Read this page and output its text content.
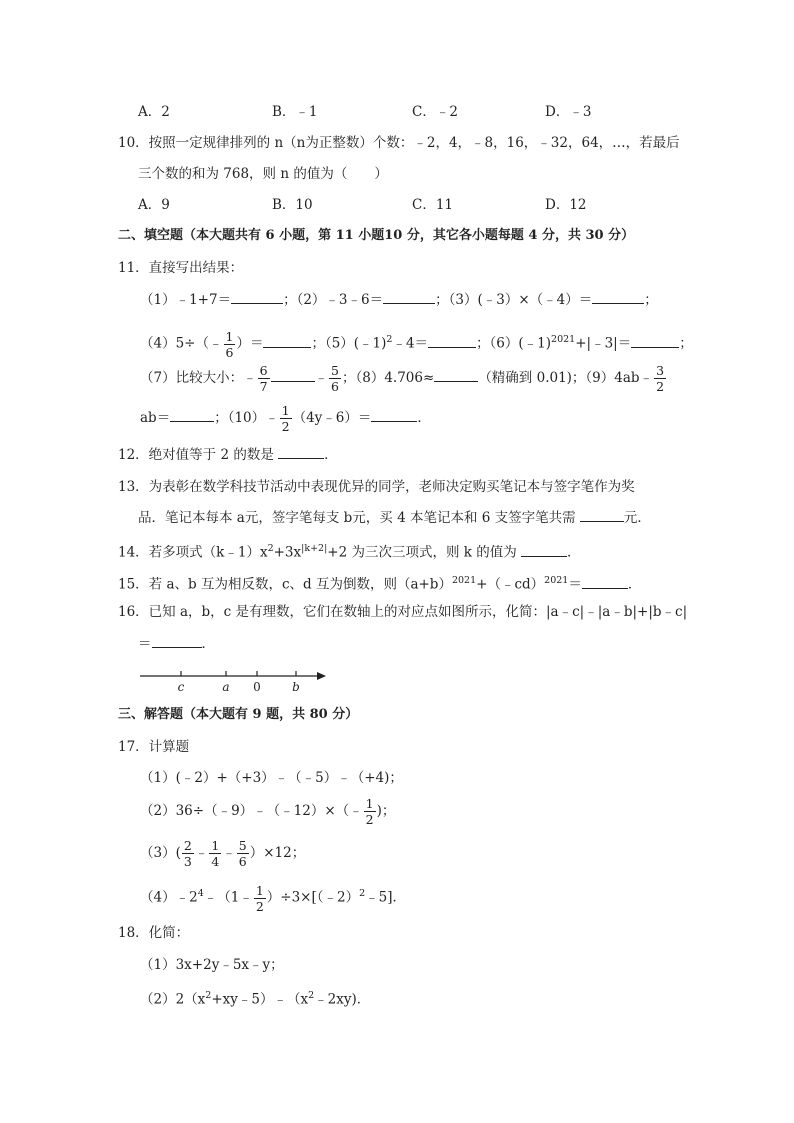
A．2	B．﹣1	C．﹣2	D．﹣3
10．按照一定规律排列的 n（n为正整数）个数：﹣2，4，﹣8，16，﹣32，64，…，若最后
三个数的和为 768，则 n 的值为（　　）
A．9	B．10	C．11	D．12
二、填空题（本大题共有 6 小题，第 11 小题10 分，其它各小题每题 4 分，共 30 分）
11．直接写出结果：
（1）﹣1+7＝	；（2）﹣3﹣6＝	；（3）(﹣3）×（﹣4）＝	；
（4）5÷（﹣ $\frac{1}{6}$ ）＝	；（5）(﹣1)$^2$﹣4＝	；（6）(﹣1)$^{2021}$+|﹣3|＝	；
（7）比较大小：﹣ $\frac{6}{7}$	﹣ $\frac{5}{6}$ ；（8）4.706≈	（精确到 0.01)；（9）4ab﹣ $\frac{3}{2}$
ab＝	；（10）﹣ $\frac{1}{2}$ （4y﹣6）＝	．
12．绝对值等于 2 的数是	．
13．为表彰在数学科技节活动中表现优异的同学，老师决定购买笔记本与签字笔作为奖
品．笔记本每本 a元，签字笔每支 b元，买 4 本笔记本和 6 支签字笔共需	元．
14．若多项式$(k﹣1)x^2+3x^{|k+2|}+2$ 为三次三项式，则 k 的值为	．
15．若 a、b 互为相反数，c、d 互为倒数，则$(a+b)^{2021}+(﹣cd)^{2021}=$	．
16．已知 a，b，c 是有理数，它们在数轴上的对应点如图所示，化简：|a﹣c|﹣|a﹣b|+|b﹣c|
＝	．
c	a 0	b
三、解答题（本大题有 9 题，共 80 分）
17．计算题
（1）(﹣2）+（+3）﹣（﹣5）﹣（+4)；
（2）36÷（﹣9）﹣（﹣12）×（﹣ $\frac{1}{2}$ )；
$(3)( \frac{2}{3}$ ﹣ $\frac{1}{4}$ ﹣ $\frac{5}{6} )\times 12$；
$(4)﹣2^4﹣(1﹣ \frac{1}{2}$ ）÷3×[（﹣2）$^2$﹣5]．
18．化简：
（1）3x+2y﹣5x﹣y；
$(2)2(x^2+xy﹣5)﹣(x^2﹣2xy)$．
